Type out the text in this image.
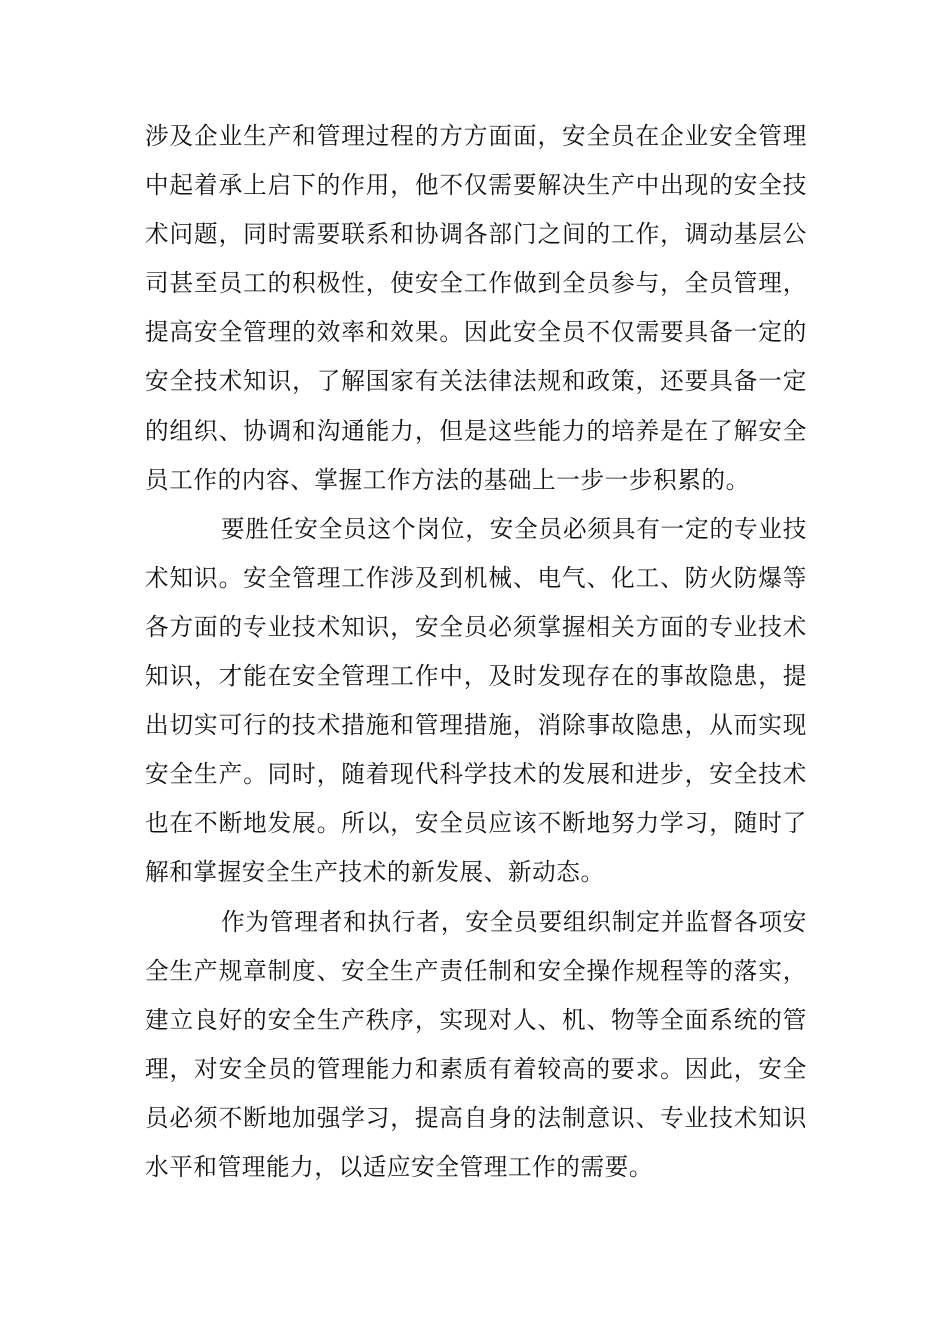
涉及企业生产和管理过程的方方面面，安全员在企业安全管理中起着承上启下的作用，他不仅需要解决生产中出现的安全技术问题，同时需要联系和协调各部门之间的工作，调动基层公司甚至员工的积极性，使安全工作做到全员参与，全员管理，提高安全管理的效率和效果。因此安全员不仅需要具备一定的安全技术知识，了解国家有关法律法规和政策，还要具备一定的组织、协调和沟通能力，但是这些能力的培养是在了解安全员工作的内容、掌握工作方法的基础上一步一步积累的。

要胜任安全员这个岗位，安全员必须具有一定的专业技术知识。安全管理工作涉及到机械、电气、化工、防火防爆等各方面的专业技术知识，安全员必须掌握相关方面的专业技术知识，才能在安全管理工作中，及时发现存在的事故隐患，提出切实可行的技术措施和管理措施，消除事故隐患，从而实现安全生产。同时，随着现代科学技术的发展和进步，安全技术也在不断地发展。所以，安全员应该不断地努力学习，随时了解和掌握安全生产技术的新发展、新动态。

作为管理者和执行者，安全员要组织制定并监督各项安全生产规章制度、安全生产责任制和安全操作规程等的落实，建立良好的安全生产秩序，实现对人、机、物等全面系统的管理，对安全员的管理能力和素质有着较高的要求。因此，安全员必须不断地加强学习，提高自身的法制意识、专业技术知识水平和管理能力，以适应安全管理工作的需要。
